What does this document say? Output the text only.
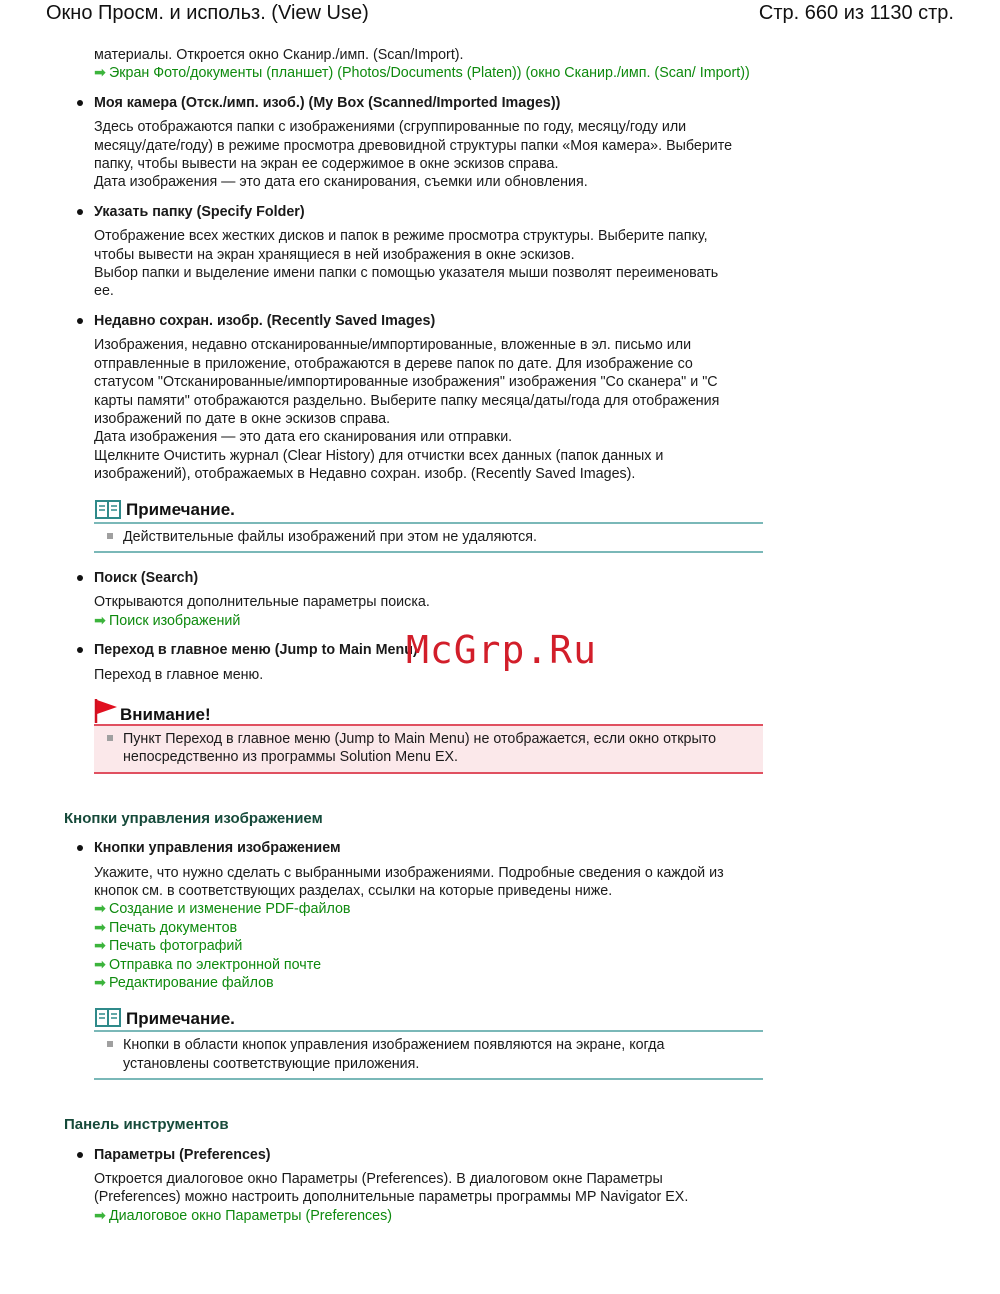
Окно Просм. и использ. (View Use)	Стр. 660 из 1130 стр.

материалы. Откроется окно Сканир./имп. (Scan/Import).

➡ Экран Фото/документы (планшет) (Photos/Documents (Platen)) (окно Сканир./имп. (Scan/ Import))

Моя камера (Отск./имп. изоб.) (My Box (Scanned/Imported Images))

Здесь отображаются папки с изображениями (сгруппированные по году, месяцу/году или

месяцу/дате/году) в режиме просмотра древовидной структуры папки «Моя камера». Выберите

папку, чтобы вывести на экран ее содержимое в окне эскизов справа.

Дата изображения — это дата его сканирования, съемки или обновления.

Указать папку (Specify Folder)

Отображение всех жестких дисков и папок в режиме просмотра структуры. Выберите папку,

чтобы вывести на экран хранящиеся в ней изображения в окне эскизов.

Выбор папки и выделение имени папки с помощью указателя мыши позволят переименовать

ее.

Недавно сохран. изобр. (Recently Saved Images)

Изображения, недавно отсканированные/импортированные, вложенные в эл. письмо или

отправленные в приложение, отображаются в дереве папок по дате. Для изображение со

статусом "Отсканированные/импортированные изображения" изображения "Со сканера" и "С

карты памяти" отображаются раздельно. Выберите папку месяца/даты/года для отображения

изображений по дате в окне эскизов справа.

Дата изображения — это дата его сканирования или отправки.

Щелкните Очистить журнал (Clear History) для отчистки всех данных (папок данных и

изображений), отображаемых в Недавно сохран. изобр. (Recently Saved Images).

Примечание.
Действительные файлы изображений при этом не удаляются.
Поиск (Search)

Открываются дополнительные параметры поиска.

➡ Поиск изображений

Переход в главное меню (Jump to Main Menu)

Переход в главное меню.

Внимание!

Пункт Переход в главное меню (Jump to Main Menu) не отображается, если окно открыто

непосредственно из программы Solution Menu EX.

Кнопки управления изображением
Кнопки управления изображением

Укажите, что нужно сделать с выбранными изображениями. Подробные сведения о каждой из

кнопок см. в соответствующих разделах, ссылки на которые приведены ниже.

➡ Создание и изменение PDF-файлов

➡ Печать документов

➡ Печать фотографий

➡ Отправка по электронной почте

➡ Редактирование файлов

Примечание.

Кнопки в области кнопок управления изображением появляются на экране, когда

установлены соответствующие приложения.

Панель инструментов
Параметры (Preferences)

Откроется диалоговое окно Параметры (Preferences). В диалоговом окне Параметры

(Preferences) можно настроить дополнительные параметры программы MP Navigator EX.

➡ Диалоговое окно Параметры (Preferences)

McGrp.Ru
